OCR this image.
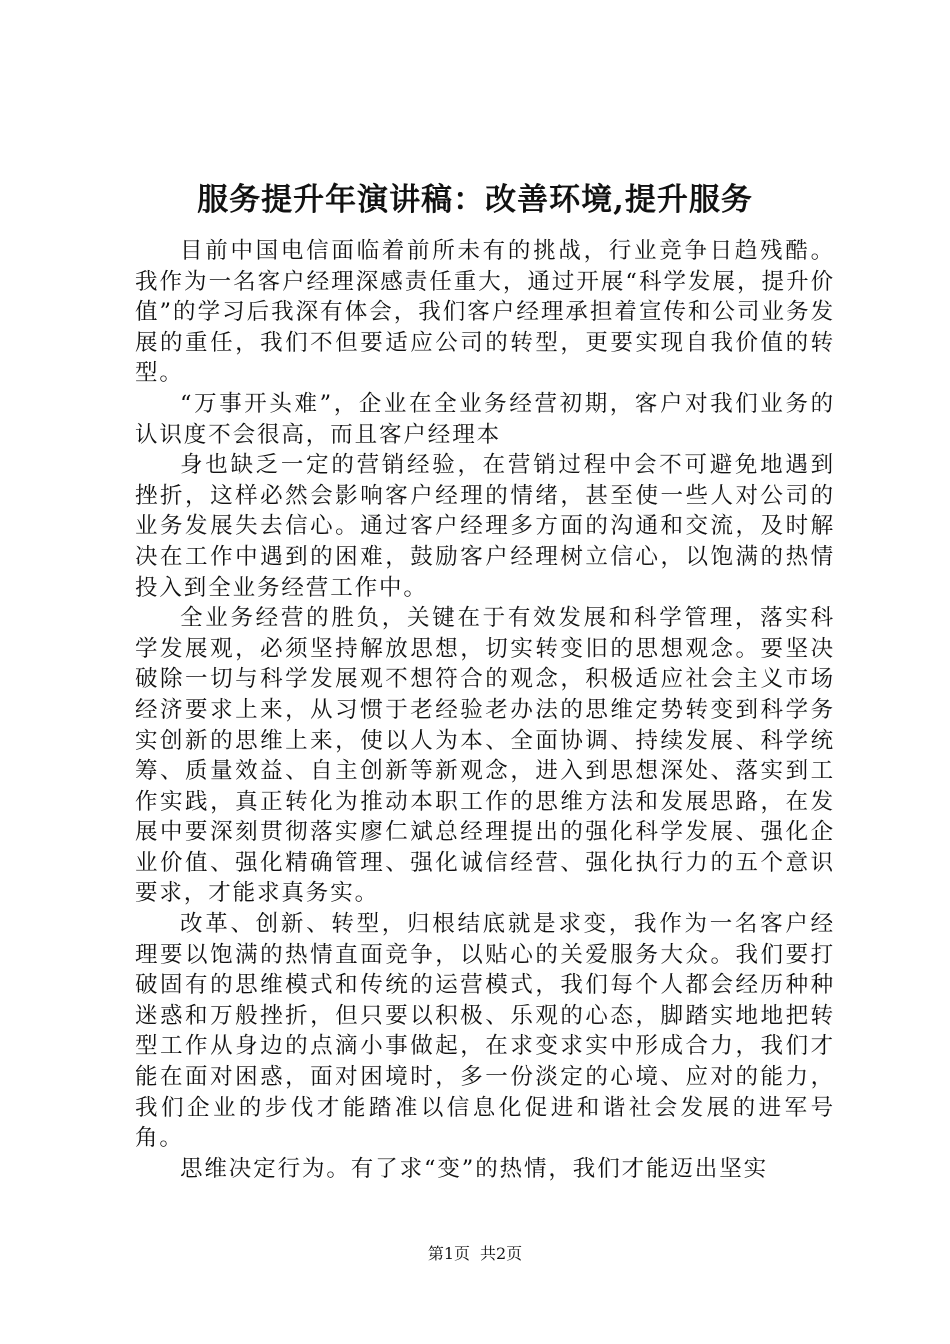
服务提升年演讲稿：改善环境,提升服务

目前中国电信面临着前所未有的挑战，行业竞争日趋残酷。我作为一名客户经理深感责任重大，通过开展“科学发展，提升价值”的学习后我深有体会，我们客户经理承担着宣传和公司业务发展的重任，我们不但要适应公司的转型，更要实现自我价值的转型。

“万事开头难”，企业在全业务经营初期，客户对我们业务的认识度不会很高，而且客户经理本

身也缺乏一定的营销经验，在营销过程中会不可避免地遇到挫折，这样必然会影响客户经理的情绪，甚至使一些人对公司的业务发展失去信心。通过客户经理多方面的沟通和交流，及时解决在工作中遇到的困难，鼓励客户经理树立信心，以饱满的热情投入到全业务经营工作中。

全业务经营的胜负，关键在于有效发展和科学管理，落实科学发展观，必须坚持解放思想，切实转变旧的思想观念。要坚决破除一切与科学发展观不想符合的观念，积极适应社会主义市场经济要求上来，从习惯于老经验老办法的思维定势转变到科学务实创新的思维上来，使以人为本、全面协调、持续发展、科学统筹、质量效益、自主创新等新观念，进入到思想深处、落实到工作实践，真正转化为推动本职工作的思维方法和发展思路，在发展中要深刻贯彻落实廖仁斌总经理提出的强化科学发展、强化企业价值、强化精确管理、强化诚信经营、强化执行力的五个意识要求，才能求真务实。

改革、创新、转型，归根结底就是求变，我作为一名客户经理要以饱满的热情直面竞争，以贴心的关爱服务大众。我们要打破固有的思维模式和传统的运营模式，我们每个人都会经历种种迷惑和万般挫折，但只要以积极、乐观的心态，脚踏实地地把转型工作从身边的点滴小事做起，在求变求实中形成合力，我们才能在面对困惑，面对困境时，多一份淡定的心境、应对的能力，我们企业的步伐才能踏准以信息化促进和谐社会发展的进军号角。

思维决定行为。有了求“变”的热情，我们才能迈出坚实

第1页 共2页
